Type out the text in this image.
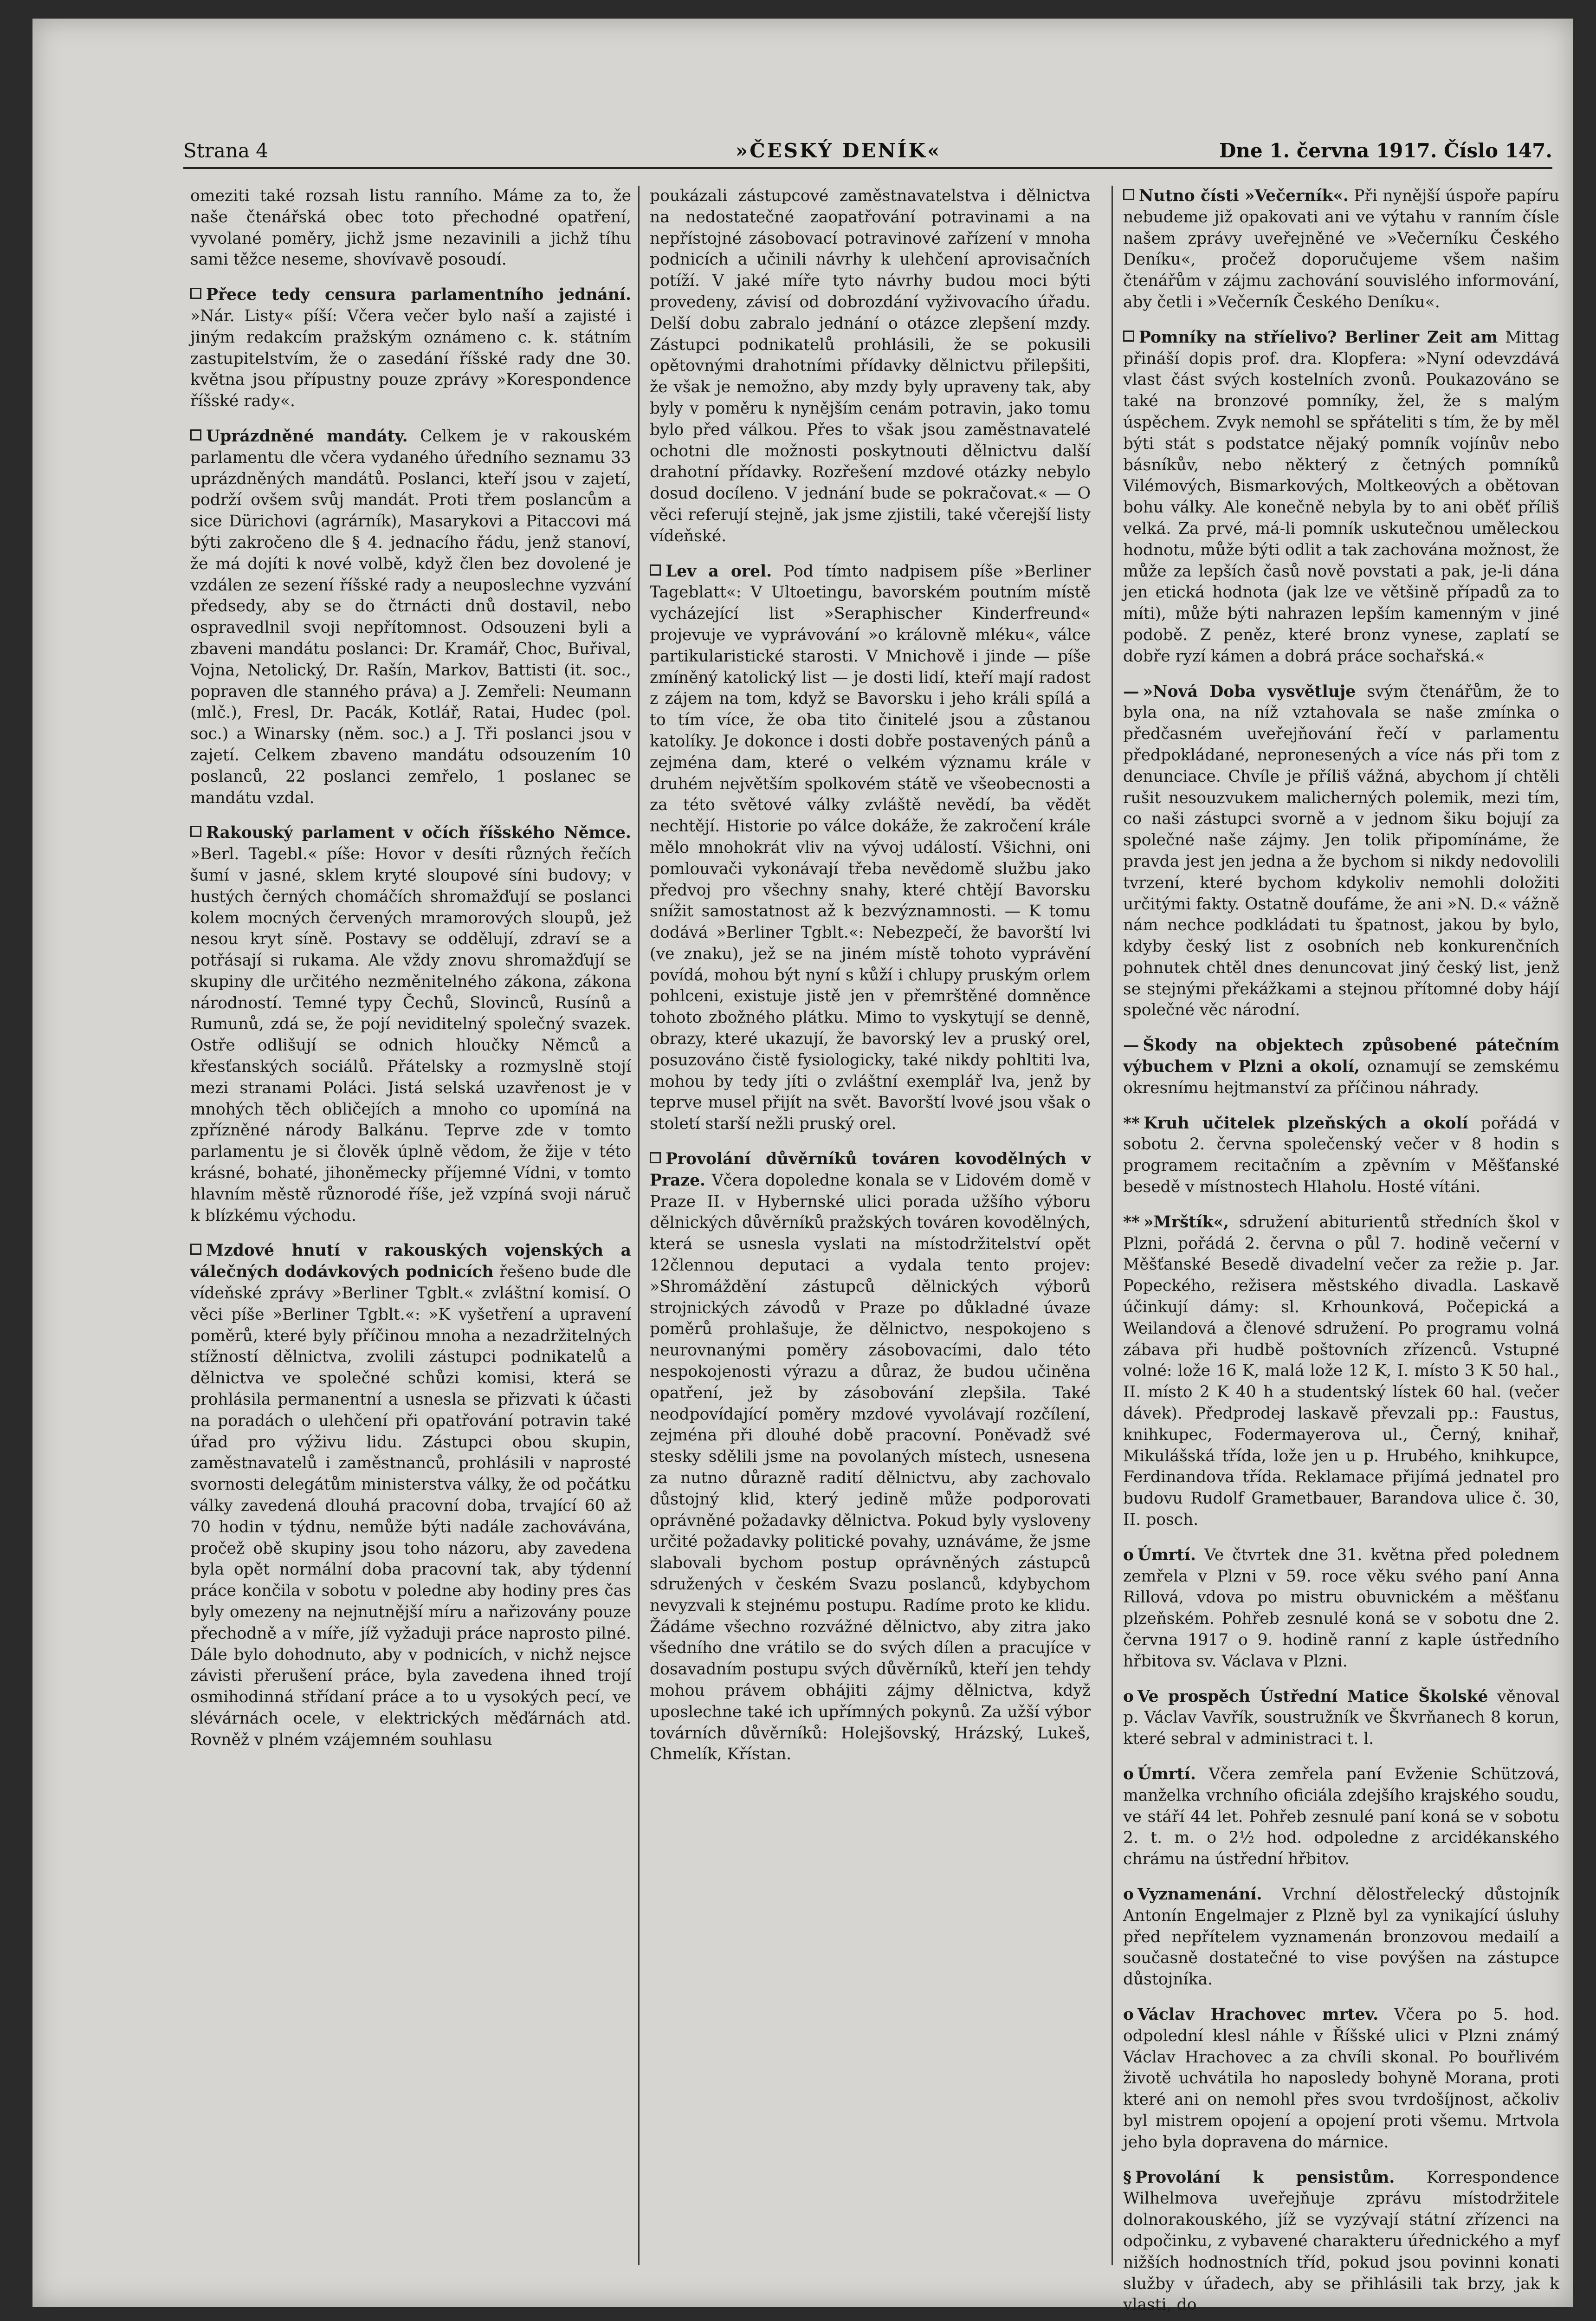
Strana 4	»ČESKÝ DENÍK«	Dne 1. června 1917. Číslo 147.

omeziti také rozsah listu ranního. Máme za to, že naše čtenářská obec toto přechodné opatření, vyvolané poměry, jichž jsme nezavinili a jichž tíhu sami těžce neseme, shovívavě posoudí.

Přece tedy censura parlamentního jednání. »Nár. Listy« píší: Včera večer bylo naší a zajisté i jiným redakcím pražským oznámeno c. k. státním zastupitelstvím, že o zasedání říšské rady dne 30. května jsou přípustny pouze zprávy »Korespondence říšské rady«.

Uprázdněné mandáty. Celkem je v rakouském parlamentu dle včera vydaného úředního seznamu 33 uprázdněných mandátů. Poslanci, kteří jsou v zajetí, podrží ovšem svůj mandát. Proti třem poslancům a sice Dürichovi (agrárník), Masarykovi a Pitaccovi má býti zakročeno dle § 4. jednacího řádu, jenž stanoví, že má dojíti k nové volbě, když člen bez dovolené je vzdálen ze sezení říšské rady a neuposlechne vyzvání předsedy, aby se do čtrnácti dnů dostavil, nebo ospravedlnil svoji nepřítomnost. Odsouzeni byli a zbaveni mandátu poslanci: Dr. Kramář, Choc, Buřival, Vojna, Netolický, Dr. Rašín, Markov, Battisti (it. soc., popraven dle stanného práva) a J. Zemřeli: Neumann (mlč.), Fresl, Dr. Pacák, Kotlář, Ratai, Hudec (pol. soc.) a Winarsky (něm. soc.) a J. Tři poslanci jsou v zajetí. Celkem zbaveno mandátu odsouzením 10 poslanců, 22 poslanci zemřelo, 1 poslanec se mandátu vzdal.

Rakouský parlament v očích říšského Němce. »Berl. Tagebl.« píše: Hovor v desíti různých řečích šumí v jasné, sklem kryté sloupové síni budovy; v hustých černých chomáčích shromažďují se poslanci kolem mocných červených mramorových sloupů, jež nesou kryt síně. Postavy se oddělují, zdraví se a potřásají si rukama. Ale vždy znovu shromažďují se skupiny dle určitého nezměnitelného zákona, zákona národností. Temné typy Čechů, Slovinců, Rusínů a Rumunů, zdá se, že pojí neviditelný společný svazek. Ostře odlišují se odnich hloučky Němců a křesťanských sociálů. Přátelsky a rozmyslně stojí mezi stranami Poláci. Jistá selská uzavřenost je v mnohých těch obličejích a mnoho co upomíná na zpřízněné národy Balkánu. Teprve zde v tomto parlamentu je si člověk úplně vědom, že žije v této krásné, bohaté, jihoněmecky příjemné Vídni, v tomto hlavním městě různorodé říše, jež vzpíná svoji náruč k blízkému východu.

Mzdové hnutí v rakouských vojenských a válečných dodávkových podnicích řešeno bude dle vídeňské zprávy »Berliner Tgblt.« zvláštní komisí. O věci píše »Berliner Tgblt.«: »K vyšetření a upravení poměrů, které byly příčinou mnoha a nezadržitelných stížností dělnictva, zvolili zástupci podnikatelů a dělnictva ve společné schůzi komisi, která se prohlásila permanentní a usnesla se přizvati k účasti na poradách o ulehčení při opatřování potravin také úřad pro výživu lidu. Zástupci obou skupin, zaměstnavatelů i zaměstnanců, prohlásili v naprosté svornosti delegátům ministerstva války, že od počátku války zavedená dlouhá pracovní doba, trvající 60 až 70 hodin v týdnu, nemůže býti nadále zachovávána, pročež obě skupiny jsou toho názoru, aby zavedena byla opět normální doba pracovní tak, aby týdenní práce končila v sobotu v poledne aby hodiny pres čas byly omezeny na nejnutnější míru a nařizovány pouze přechodně a v míře, jíž vyžaduji práce naprosto pilné. Dále bylo dohodnuto, aby v podnicích, v nichž nejsce závisti přerušení práce, byla zavedena ihned trojí osmihodinná střídaní práce a to u vysokých pecí, ve slévárnách ocele, v elektrických měďárnách atd. Rovněž v plném vzájemném souhlasu

poukázali zástupcové zaměstnavatelstva i dělnictva na nedostatečné zaopatřování potravinami a na nepřístojné zásobovací potravinové zařízení v mnoha podnicích a učinili návrhy k ulehčení aprovisačních potíží. V jaké míře tyto návrhy budou moci býti provedeny, závisí od dobrozdání vyživovacího úřadu. Delší dobu zabralo jednání o otázce zlepšení mzdy. Zástupci podnikatelů prohlásili, že se pokusili opětovnými drahotními přídavky dělnictvu přilepšiti, že však je nemožno, aby mzdy byly upraveny tak, aby byly v poměru k nynějším cenám potravin, jako tomu bylo před válkou. Přes to však jsou zaměstnavatelé ochotni dle možnosti poskytnouti dělnictvu další drahotní přídavky. Rozřešení mzdové otázky nebylo dosud docíleno. V jednání bude se pokračovat.« — O věci referují stejně, jak jsme zjistili, také včerejší listy vídeňské.

Lev a orel. Pod tímto nadpisem píše »Berliner Tageblatt«: V Ultoetingu, bavorském poutním místě vycházející list »Seraphischer Kinderfreund« projevuje ve vyprávování »o královně mléku«, válce partikularistické starosti. V Mnichově i jinde — píše zmíněný katolický list — je dosti lidí, kteří mají radost z zájem na tom, když se Bavorsku i jeho králi spílá a to tím více, že oba tito činitelé jsou a zůstanou katolíky. Je dokonce i dosti dobře postavených pánů a zejména dam, které o velkém významu krále v druhém největším spolkovém státě ve všeobecnosti a za této světové války zvláště nevědí, ba vědět nechtějí. Historie po válce dokáže, že zakročení krále mělo mnohokrát vliv na vývoj událostí. Všichni, oni pomlouvači vykonávají třeba nevědomě službu jako předvoj pro všechny snahy, které chtějí Bavorsku snížit samostatnost až k bezvýznamnosti. — K tomu dodává »Berliner Tgblt.«: Nebezpečí, že bavorští lvi (ve znaku), jež se na jiném místě tohoto vyprávění povídá, mohou být nyní s kůží i chlupy pruským orlem pohlceni, existuje jistě jen v přemrštěné domněnce tohoto zbožného plátku. Mimo to vyskytují se denně, obrazy, které ukazují, že bavorský lev a pruský orel, posuzováno čistě fysiologicky, také nikdy pohltiti lva, mohou by tedy jíti o zvláštní exemplář lva, jenž by teprve musel přijít na svět. Bavorští lvové jsou však o století starší nežli pruský orel.

Provolání důvěrníků továren kovodělných v Praze. Včera dopoledne konala se v Lidovém domě v Praze II. v Hybernské ulici porada užšího výboru dělnických důvěrníků pražských továren kovodělných, která se usnesla vyslati na místodržitelství opět 12člennou deputaci a vydala tento projev: »Shromáždění zástupců dělnických výborů strojnických závodů v Praze po důkladné úvaze poměrů prohlašuje, že dělnictvo, nespokojeno s neurovnanými poměry zásobovacími, dalo této nespokojenosti výrazu a důraz, že budou učiněna opatření, jež by zásobování zlepšila. Také neodpovídající poměry mzdové vyvolávají rozčílení, zejména při dlouhé době pracovní. Poněvadž své stesky sdělili jsme na povolaných místech, usnesena za nutno důrazně radití dělnictvu, aby zachovalo důstojný klid, který jedině může podporovati oprávněné požadavky dělnictva. Pokud byly vysloveny určité požadavky politické povahy, uznáváme, že jsme slabovali bychom postup oprávněných zástupců sdružených v českém Svazu poslanců, kdybychom nevyzvali k stejnému postupu. Radíme proto ke klidu. Žádáme všechno rozvážné dělnictvo, aby zitra jako všedního dne vrátilo se do svých dílen a pracujíce v dosavadním postupu svých důvěrníků, kteří jen tehdy mohou právem obhájiti zájmy dělnictva, když uposlechne také ich upřímných pokynů. Za užší výbor továrních důvěrníků: Holejšovský, Hrázský, Lukeš, Chmelík, Křístan.

Nutno čísti »Večerník«. Při nynější úspoře papíru nebudeme již opakovati ani ve výtahu v ranním čísle našem zprávy uveřejněné ve »Večerníku Českého Deníku«, pročež doporučujeme všem našim čtenářům v zájmu zachování souvislého informování, aby četli i »Večerník Českého Deníku«.

Pomníky na stříelivo? Berliner Zeit am Mittag přináší dopis prof. dra. Klopfera: »Nyní odevzdává vlast část svých kostelních zvonů. Poukazováno se také na bronzové pomníky, žel, že s malým úspěchem. Zvyk nemohl se spřáteliti s tím, že by měl býti stát s podstatce nějaký pomník vojínův nebo básníkův, nebo některý z četných pomníků Vilémových, Bismarkových, Moltkeových a obětovan bohu války. Ale konečně nebyla by to ani oběť příliš velká. Za prvé, má-li pomník uskutečnou uměleckou hodnotu, může býti odlit a tak zachována možnost, že může za lepších časů nově povstati a pak, je-li dána jen etická hodnota (jak lze ve většině případů za to míti), může býti nahrazen lepším kamenným v jiné podobě. Z peněz, které bronz vynese, zaplatí se dobře ryzí kámen a dobrá práce sochařská.«

— »Nová Doba vysvětluje svým čtenářům, že to byla ona, na níž vztahovala se naše zmínka o předčasném uveřejňování řečí v parlamentu předpokládané, nepronesených a více nás při tom z denunciace. Chvíle je příliš vážná, abychom jí chtěli rušit nesouzvukem malicherných polemik, mezi tím, co naši zástupci svorně a v jednom šiku bojují za společné naše zájmy. Jen tolik připomínáme, že pravda jest jen jedna a že bychom si nikdy nedovolili tvrzení, které bychom kdykoliv nemohli doložiti určitými fakty. Ostatně doufáme, že ani »N. D.« vážně nám nechce podkládati tu špatnost, jakou by bylo, kdyby český list z osobních neb konkurenčních pohnutek chtěl dnes denuncovat jiný český list, jenž se stejnými překážkami a stejnou přítomné doby hájí společné věc národní.

— Škody na objektech způsobené pátečním výbuchem v Plzni a okolí, oznamují se zemskému okresnímu hejtmanství za příčinou náhrady.

** Kruh učitelek plzeňských a okolí pořádá v sobotu 2. června společenský večer v 8 hodin s programem recitačním a zpěvním v Měšťanské besedě v místnostech Hlaholu. Hosté vítáni.

** »Mrštík«, sdružení abiturientů středních škol v Plzni, pořádá 2. června o půl 7. hodině večerní v Měšťanské Besedě divadelní večer za režie p. Jar. Popeckého, režisera městského divadla. Laskavě účinkují dámy: sl. Krhounková, Počepická a Weilandová a členové sdružení. Po programu volná zábava při hudbě poštovních zřízenců. Vstupné volné: lože 16 K, malá lože 12 K, I. místo 3 K 50 hal., II. místo 2 K 40 h a studentský lístek 60 hal. (večer dávek). Předprodej laskavě převzali pp.: Faustus, knihkupec, Fodermayerova ul., Černý, knihař, Mikulášská třída, lože jen u p. Hrubého, knihkupce, Ferdinandova třída. Reklamace přijímá jednatel pro budovu Rudolf Grametbauer, Barandova ulice č. 30, II. posch.

o Úmrtí. Ve čtvrtek dne 31. května před polednem zemřela v Plzni v 59. roce věku svého paní Anna Rillová, vdova po mistru obuvnickém a měšťanu plzeňském. Pohřeb zesnulé koná se v sobotu dne 2. června 1917 o 9. hodině ranní z kaple ústředního hřbitova sv. Václava v Plzni.

o Ve prospěch Ústřední Matice Školské věnoval p. Václav Vavřík, soustružník ve Škvrňanech 8 korun, které sebral v administraci t. l.

o Úmrtí. Včera zemřela paní Evženie Schützová, manželka vrchního oficiála zdejšího krajského soudu, ve stáří 44 let. Pohřeb zesnulé paní koná se v sobotu 2. t. m. o 2½ hod. odpoledne z arcidékanského chrámu na ústřední hřbitov.

o Vyznamenání. Vrchní dělostřelecký důstojník Antonín Engelmajer z Plzně byl za vynikající úsluhy před nepřítelem vyznamenán bronzovou medailí a současně dostatečné to vise povýšen na zástupce důstojníka.

o Václav Hrachovec mrtev. Včera po 5. hod. odpolední klesl náhle v Říšské ulici v Plzni známý Václav Hrachovec a za chvíli skonal. Po bouřlivém životě uchvátila ho naposledy bohyně Morana, proti které ani on nemohl přes svou tvrdošíjnost, ačkoliv byl mistrem opojení a opojení proti všemu. Mrtvola jeho byla dopravena do márnice.

§ Provolání k pensistům. Korrespondence Wilhelmova uveřejňuje zprávu místodržitele dolnorakouského, jíž se vyzývají státní zřízenci na odpočinku, z vybavené charakteru úřednického a myf nižších hodnostních tříd, pokud jsou povinni konati služby v úřadech, aby se přihlásili tak brzy, jak k vlasti, do
